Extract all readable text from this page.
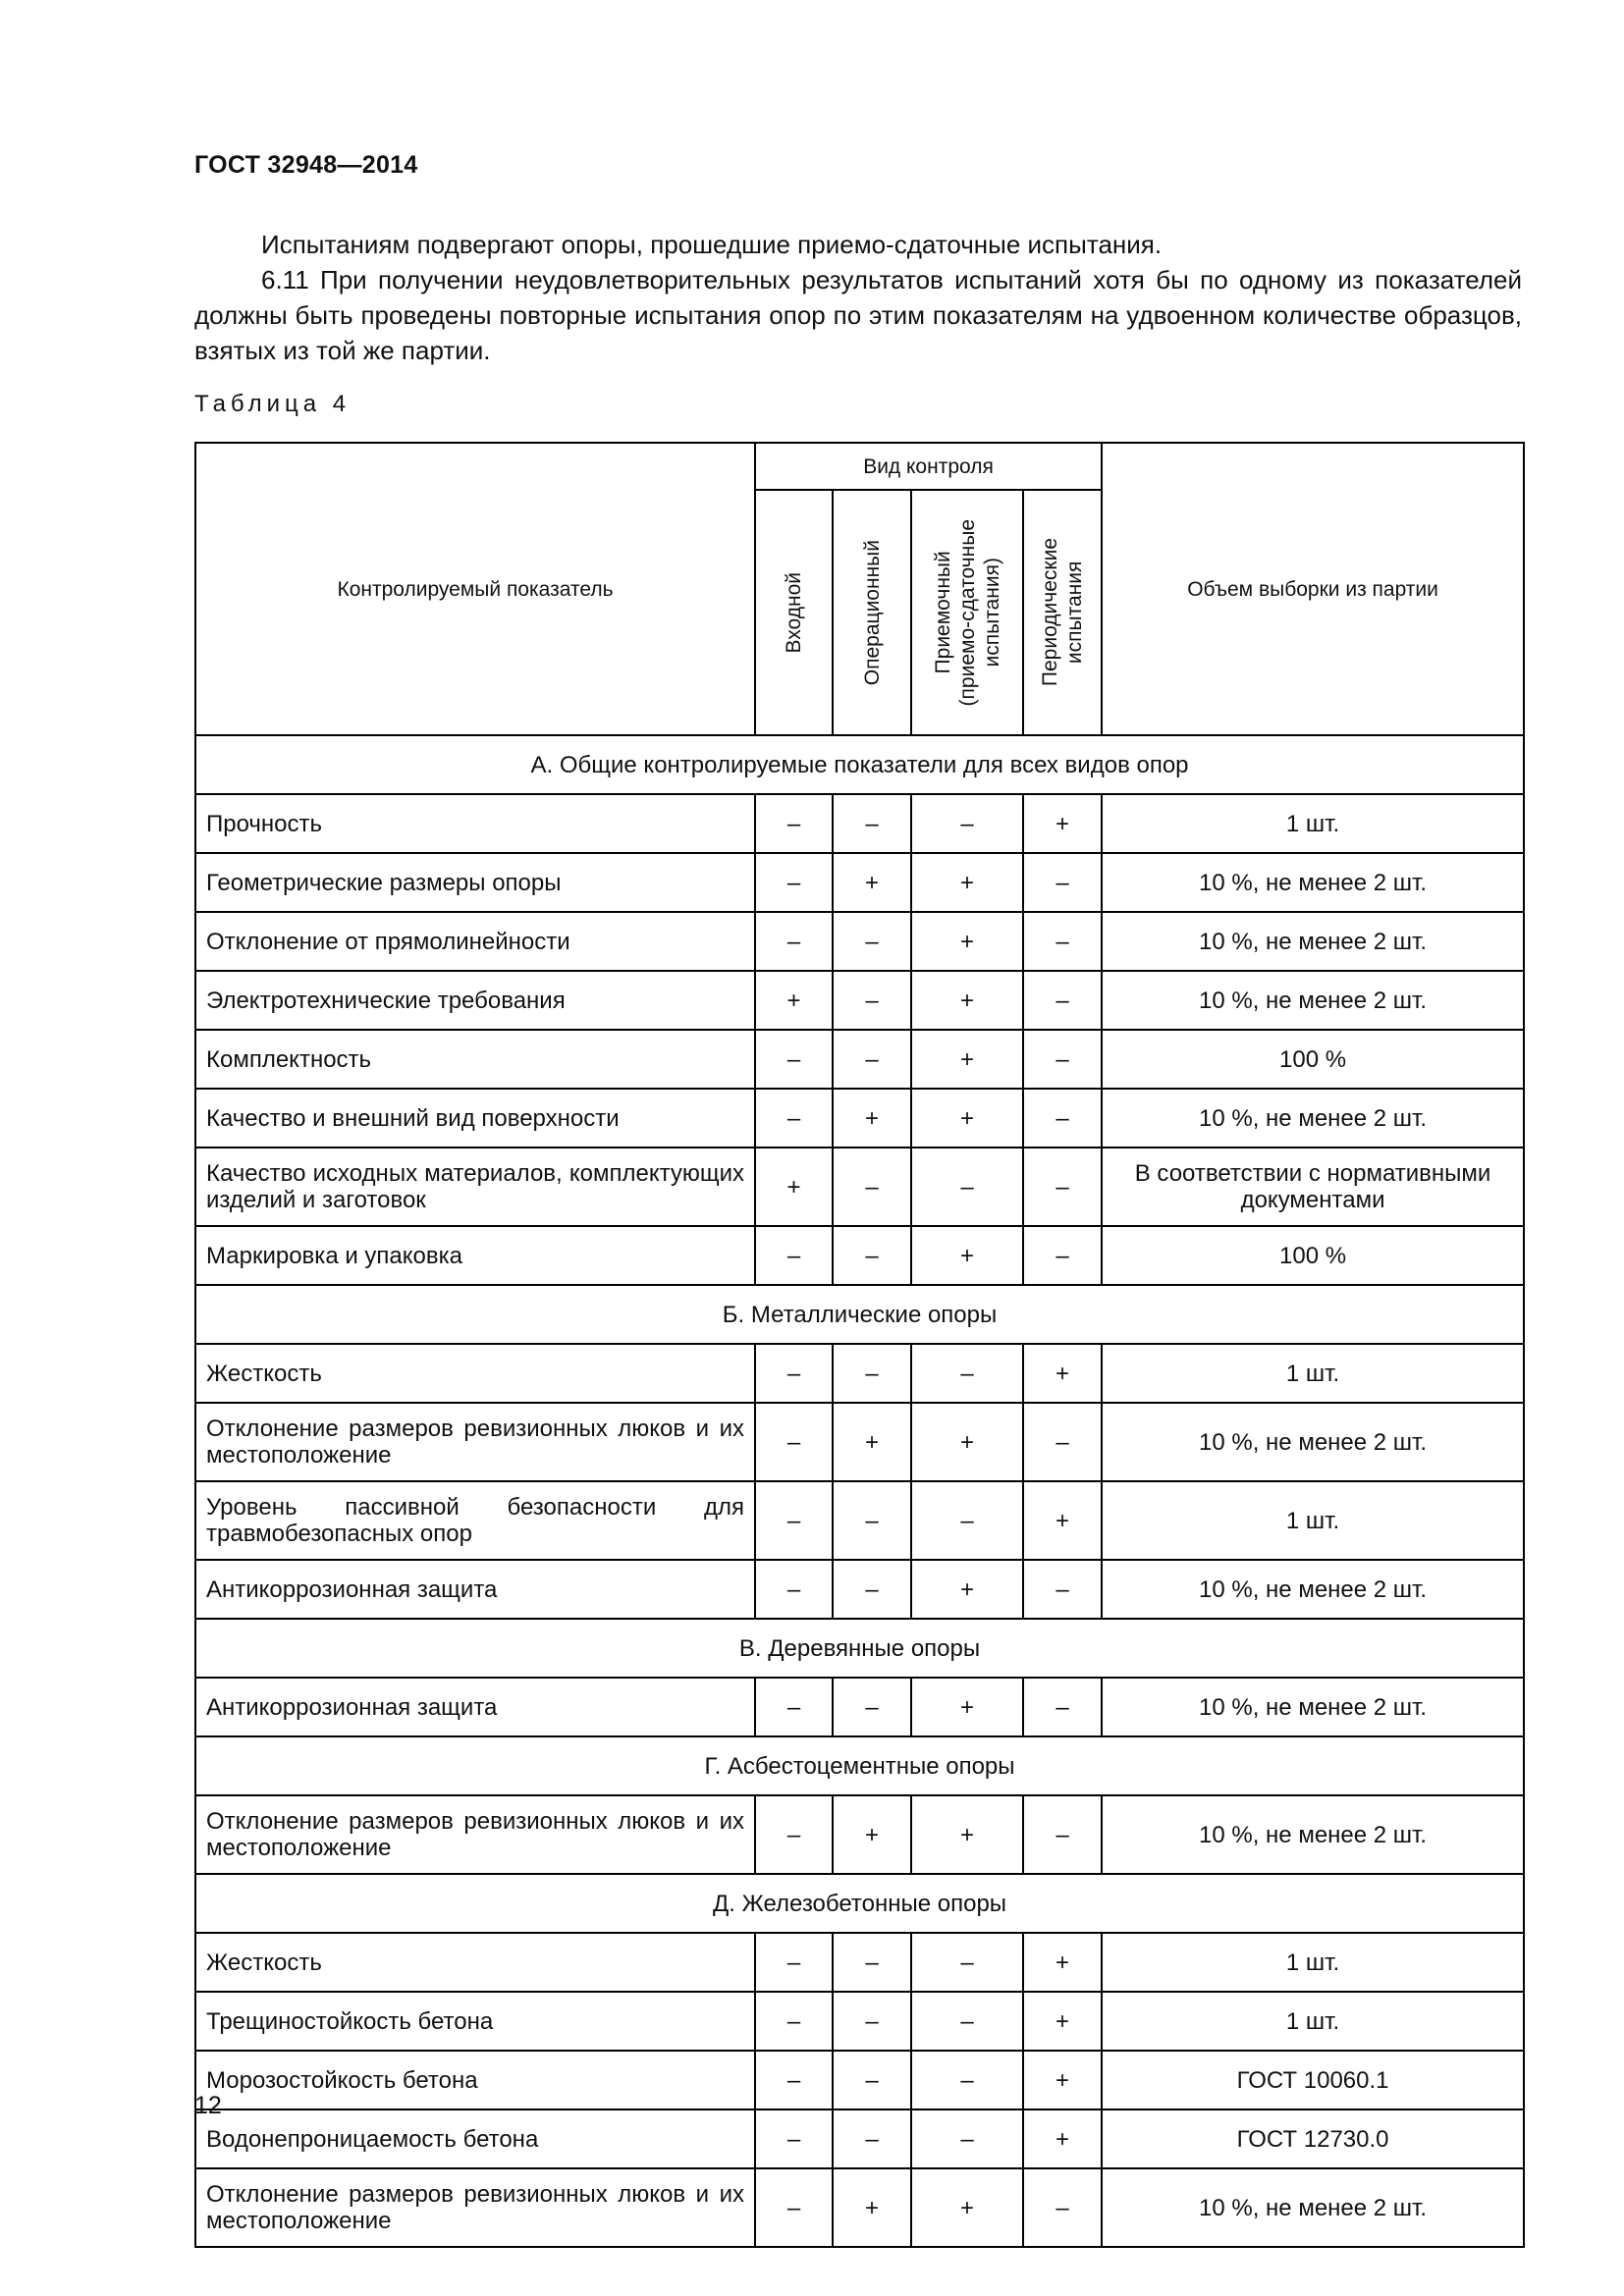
ГОСТ 32948—2014

Испытаниям подвергают опоры, прошедшие приемо-сдаточные испытания.

6.11 При получении неудовлетворительных результатов испытаний хотя бы по одному из показателей должны быть проведены повторные испытания опор по этим показателям на удвоенном количестве образцов, взятых из той же партии.

Таблица 4
Контролируемый показатель	Вид контроля				Объем выборки из партии

	Входной	Операционный	Приемочный
(приемо-сдаточные
испытания)	Периодические
испытания	

А. Общие контролируемые показатели для всех видов опор					
Прочность	–	–	–	+	1 шт.
Геометрические размеры опоры	–	+	+	–	10 %, не менее 2 шт.
Отклонение от прямолинейности	–	–	+	–	10 %, не менее 2 шт.
Электротехнические требования	+	–	+	–	10 %, не менее 2 шт.
Комплектность	–	–	+	–	100 %
Качество и внешний вид поверхности	–	+	+	–	10 %, не менее 2 шт.
Качество исходных материалов, комплектующих изделий и заготовок	+	–	–	–	В соответствии с нормативными документами
Маркировка и упаковка	–	–	+	–	100 %
Б. Металлические опоры					
Жесткость	–	–	–	+	1 шт.
Отклонение размеров ревизионных люков и их местоположение	–	+	+	–	10 %, не менее 2 шт.
Уровень пассивной безопасности для травмобезопасных опор	–	–	–	+	1 шт.
Антикоррозионная защита	–	–	+	–	10 %, не менее 2 шт.
В. Деревянные опоры					
Антикоррозионная защита	–	–	+	–	10 %, не менее 2 шт.
Г. Асбестоцементные опоры					
Отклонение размеров ревизионных люков и их местоположение	–	+	+	–	10 %, не менее 2 шт.
Д. Железобетонные опоры					
Жесткость	–	–	–	+	1 шт.
Трещиностойкость бетона	–	–	–	+	1 шт.
Морозостойкость бетона	–	–	–	+	ГОСТ 10060.1
Водонепроницаемость бетона	–	–	–	+	ГОСТ 12730.0
Отклонение размеров ревизионных люков и их местоположение	–	+	+	–	10 %, не менее 2 шт.
12
